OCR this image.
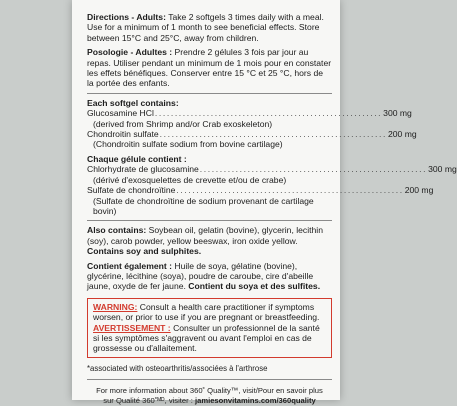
Directions - Adults: Take 2 softgels 3 times daily with a meal. Use for a minimum of 1 month to see beneficial effects. Store between 15°C and 25°C, away from children.

Posologie - Adultes : Prendre 2 gélules 3 fois par jour au repas. Utiliser pendant un minimum de 1 mois pour en constater les effets bénéfiques. Conserver entre 15 °C et 25 °C, hors de la portée des enfants.

Each softgel contains:

Glucosamine HCl ......................................................... 300 mg

(derived from Shrimp and/or Crab exoskeleton)

Chondroitin sulfate ......................................................... 200 mg

(Chondroitin sulfate sodium from bovine cartilage)

Chaque gélule contient :

Chlorhydrate de glucosamine ......................................................... 300 mg

(dérivé d'exosquelettes de crevette et/ou de crabe)

Sulfate de chondroïtine ......................................................... 200 mg

(Sulfate de chondroïtine de sodium provenant de cartilage bovin)

Also contains: Soybean oil, gelatin (bovine), glycerin, lecithin (soy), carob powder, yellow beeswax, iron oxide yellow.

Contains soy and sulphites.

Contient également : Huile de soya, gélatine (bovine), glycérine, lécithine (soya), poudre de caroube, cire d'abeille jaune, oxyde de fer jaune. Contient du soya et des sulfites.

WARNING: Consult a health care practitioner if symptoms worsen, or prior to use if you are pregnant or breastfeeding.

AVERTISSEMENT : Consulter un professionnel de la santé si les symptômes s'aggravent ou avant l'emploi en cas de grossesse ou d'allaitement.

*associated with osteoarthritis/associées à l'arthrose

For more information about 360˚ Quality™, visit/Pour en savoir plus

sur Qualité 360˚ᴹᴰ, visiter : jamiesonvitamins.com/360quality
